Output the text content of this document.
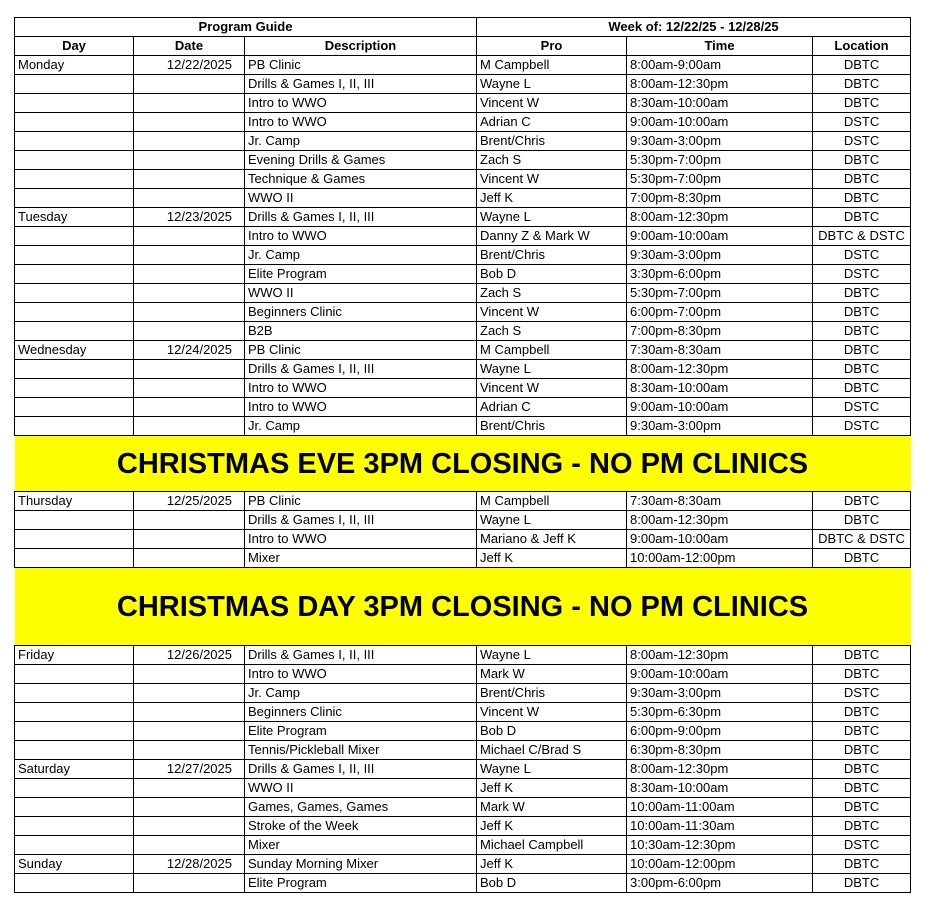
Program Guide			Week of: 12/22/25 - 12/28/25		
Day	Date	Description	Pro	Time	Location
Monday	12/22/2025	PB Clinic	M Campbell	8:00am-9:00am	DBTC
		Drills & Games I, II, III	Wayne L	8:00am-12:30pm	DBTC
		Intro to WWO	Vincent W	8:30am-10:00am	DBTC
		Intro to WWO	Adrian C	9:00am-10:00am	DSTC
		Jr. Camp	Brent/Chris	9:30am-3:00pm	DSTC
		Evening Drills & Games	Zach S	5:30pm-7:00pm	DBTC
		Technique & Games	Vincent W	5:30pm-7:00pm	DBTC
		WWO II	Jeff K	7:00pm-8:30pm	DBTC
Tuesday	12/23/2025	Drills & Games I, II, III	Wayne L	8:00am-12:30pm	DBTC
		Intro to WWO	Danny Z & Mark W	9:00am-10:00am	DBTC & DSTC
		Jr. Camp	Brent/Chris	9:30am-3:00pm	DSTC
		Elite Program	Bob D	3:30pm-6:00pm	DSTC
		WWO II	Zach S	5:30pm-7:00pm	DBTC
		Beginners Clinic	Vincent W	6:00pm-7:00pm	DBTC
		B2B	Zach S	7:00pm-8:30pm	DBTC
Wednesday	12/24/2025	PB Clinic	M Campbell	7:30am-8:30am	DBTC
		Drills & Games I, II, III	Wayne L	8:00am-12:30pm	DBTC
		Intro to WWO	Vincent W	8:30am-10:00am	DBTC
		Intro to WWO	Adrian C	9:00am-10:00am	DSTC
		Jr. Camp	Brent/Chris	9:30am-3:00pm	DSTC
CHRISTMAS EVE 3PM CLOSING - NO PM CLINICS					
Thursday	12/25/2025	PB Clinic	M Campbell	7:30am-8:30am	DBTC
		Drills & Games I, II, III	Wayne L	8:00am-12:30pm	DBTC
		Intro to WWO	Mariano & Jeff K	9:00am-10:00am	DBTC & DSTC
		Mixer	Jeff K	10:00am-12:00pm	DBTC
CHRISTMAS DAY 3PM CLOSING - NO PM CLINICS					
Friday	12/26/2025	Drills & Games I, II, III	Wayne L	8:00am-12:30pm	DBTC
		Intro to WWO	Mark W	9:00am-10:00am	DBTC
		Jr. Camp	Brent/Chris	9:30am-3:00pm	DSTC
		Beginners Clinic	Vincent W	5:30pm-6:30pm	DBTC
		Elite Program	Bob D	6:00pm-9:00pm	DBTC
		Tennis/Pickleball Mixer	Michael C/Brad S	6:30pm-8:30pm	DBTC
Saturday	12/27/2025	Drills & Games I, II, III	Wayne L	8:00am-12:30pm	DBTC
		WWO II	Jeff K	8:30am-10:00am	DBTC
		Games, Games, Games	Mark W	10:00am-11:00am	DBTC
		Stroke of the Week	Jeff K	10:00am-11:30am	DBTC
		Mixer	Michael Campbell	10:30am-12:30pm	DSTC
Sunday	12/28/2025	Sunday Morning Mixer	Jeff K	10:00am-12:00pm	DBTC
		Elite Program	Bob D	3:00pm-6:00pm	DBTC
